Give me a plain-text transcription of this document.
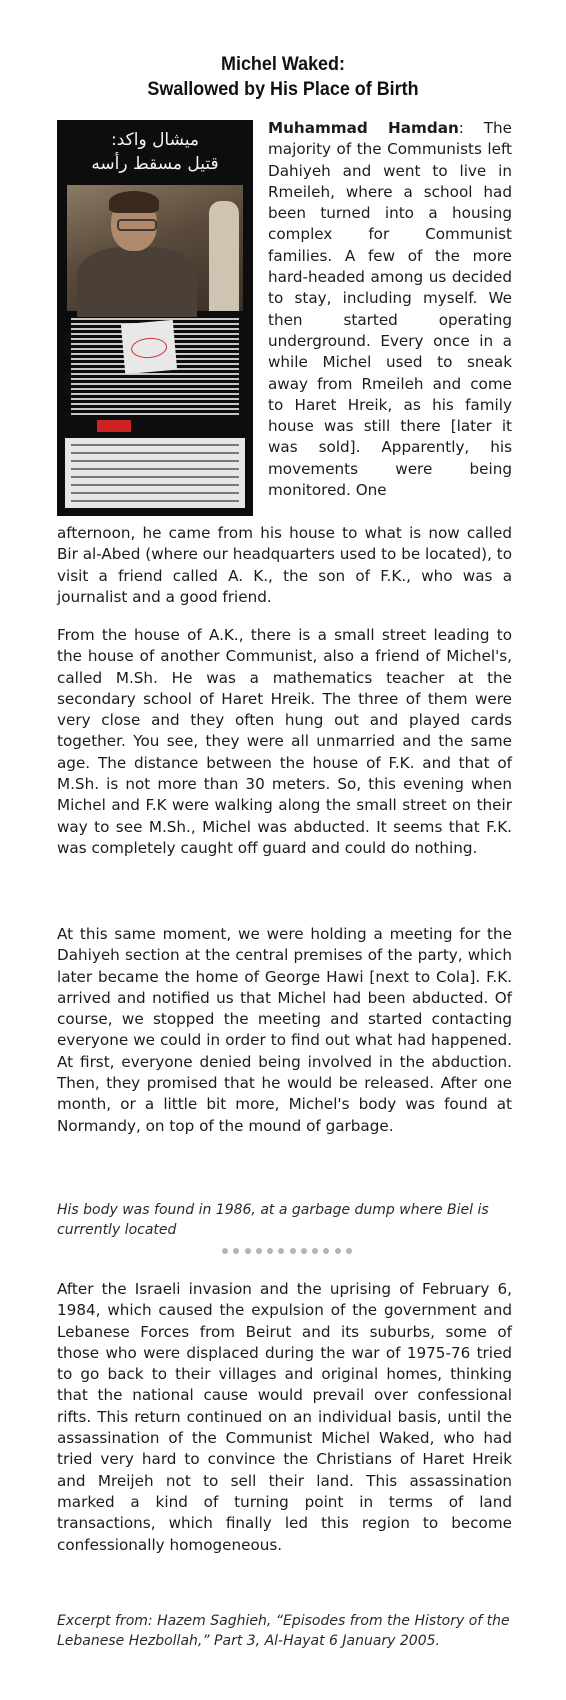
Michel Waked:
Swallowed by His Place of Birth
ميشال واكد:
قتيل مسقط رأسه
Muhammad Hamdan: The majority of the Communists left Dahiyeh and went to live in Rmeileh, where a school had been turned into a housing complex for Communist families. A few of the more hard-headed among us decided to stay, including myself. We then started operating underground. Every once in a while Michel used to sneak away from Rmeileh and come to Haret Hreik, as his family house was still there [later it was sold]. Apparently, his movements were being monitored. One
afternoon, he came from his house to what is now called Bir al-Abed (where our headquarters used to be located), to visit a friend called A. K., the son of F.K., who was a journalist and a good friend.
From the house of A.K., there is a small street leading to the house of another Communist, also a friend of Michel's, called M.Sh. He was a mathematics teacher at the secondary school of Haret Hreik. The three of them were very close and they often hung out and played cards together. You see, they were all unmarried and the same age. The distance between the house of F.K. and that of M.Sh. is not more than 30 meters. So, this evening when Michel and F.K were walking along the small street on their way to see M.Sh., Michel was abducted. It seems that F.K. was completely caught off guard and could do nothing.
At this same moment, we were holding a meeting for the Dahiyeh section at the central premises of the party, which later became the home of George Hawi [next to Cola]. F.K. arrived and notified us that Michel had been abducted. Of course, we stopped the meeting and started contacting everyone we could in order to find out what had happened. At first, everyone denied being involved in the abduction. Then, they promised that he would be released. After one month, or a little bit more, Michel's body was found at Normandy, on top of the mound of garbage.
His body was found in 1986, at a garbage dump where Biel is currently located
After the Israeli invasion and the uprising of February 6, 1984, which caused the expulsion of the government and Lebanese Forces from Beirut and its suburbs, some of those who were displaced during the war of 1975-76 tried to go back to their villages and original homes, thinking that the national cause would prevail over confessional rifts. This return continued on an individual basis, until the assassination of the Communist Michel Waked, who had tried very hard to convince the Christians of Haret Hreik and Mreijeh not to sell their land. This assassination marked a kind of turning point in terms of land transactions, which finally led this region to become confessionally homogeneous.
Excerpt from: Hazem Saghieh, “Episodes from the History of the Lebanese Hezbollah,” Part 3, Al-Hayat 6 January 2005.
